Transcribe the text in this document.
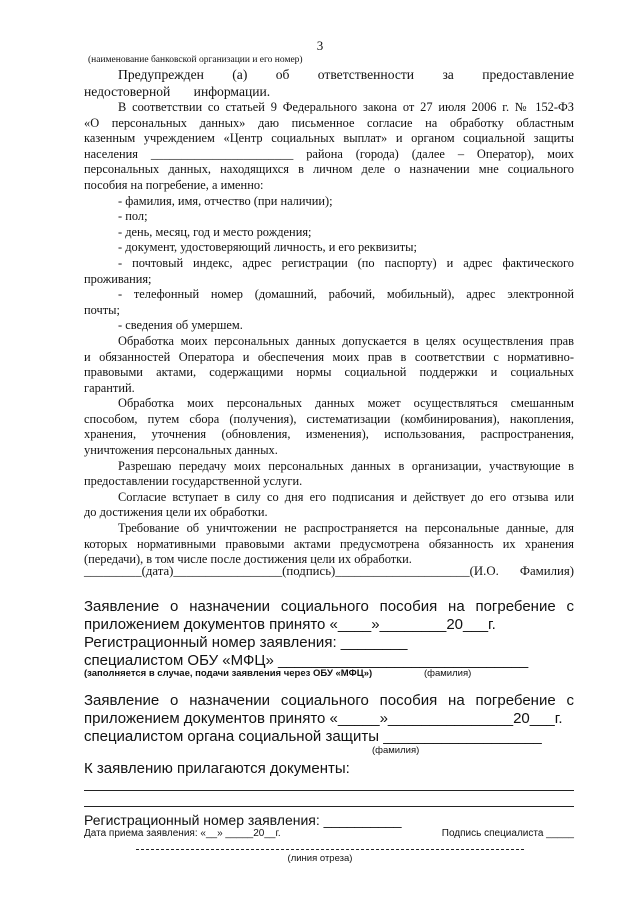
3
(наименование банковской организации и его номер)
Предупрежден (а) об ответственности за предоставление
недостоверной информации.
В соответствии со статьей 9 Федерального закона от 27 июля 2006 г. № 152-ФЗ
«О персональных данных» даю письменное согласие на обработку областным
казенным учреждением «Центр социальных выплат» и органом социальной защиты
населения _______________________ района (города) (далее – Оператор), моих
персональных данных, находящихся в личном деле о назначении мне социального
пособия на погребение, а именно:
- фамилия, имя, отчество (при наличии);
- пол;
- день, месяц, год и место рождения;
- документ, удостоверяющий личность, и его реквизиты;
- почтовый индекс, адрес регистрации (по паспорту) и адрес фактического
проживания;
- телефонный номер (домашний, рабочий, мобильный), адрес электронной
почты;
- сведения об умершем.
Обработка моих персональных данных допускается в целях осуществления прав
и обязанностей Оператора и обеспечения моих прав в соответствии с нормативно-
правовыми актами, содержащими нормы социальной поддержки и социальных
гарантий.
Обработка моих персональных данных может осуществляться смешанным
способом, путем сбора (получения), систематизации (комбинирования), накопления,
хранения, уточнения (обновления, изменения), использования, распространения,
уничтожения персональных данных.
Разрешаю передачу моих персональных данных в организации, участвующие в
предоставлении государственной услуги.
Согласие вступает в силу со дня его подписания и действует до его отзыва или
до достижения цели их обработки.
Требование об уничтожении не распространяется на персональные данные, для
которых нормативными правовыми актами предусмотрена обязанность их хранения
(передачи), в том числе после достижения цели их обработки.
_________(дата)_________________(подпись)_____________________(И.О. Фамилия)
Заявление о назначении социального пособия на погребение с
приложением документов принято «____»________20___г.
Регистрационный номер заявления: ________
специалистом ОБУ «МФЦ» ______________________________
(заполняется в случае, подачи заявления через ОБУ «МФЦ»)	(фамилия)
Заявление о назначении социального пособия на погребение с
приложением документов принято «_____»_______________20___г.
специалистом органа социальной защиты ___________________
(фамилия)
К заявлению прилагаются документы:
Регистрационный номер заявления: __________
Дата приема заявления: «__» _____20__г.	Подпись специалиста _____
(линия отреза)
